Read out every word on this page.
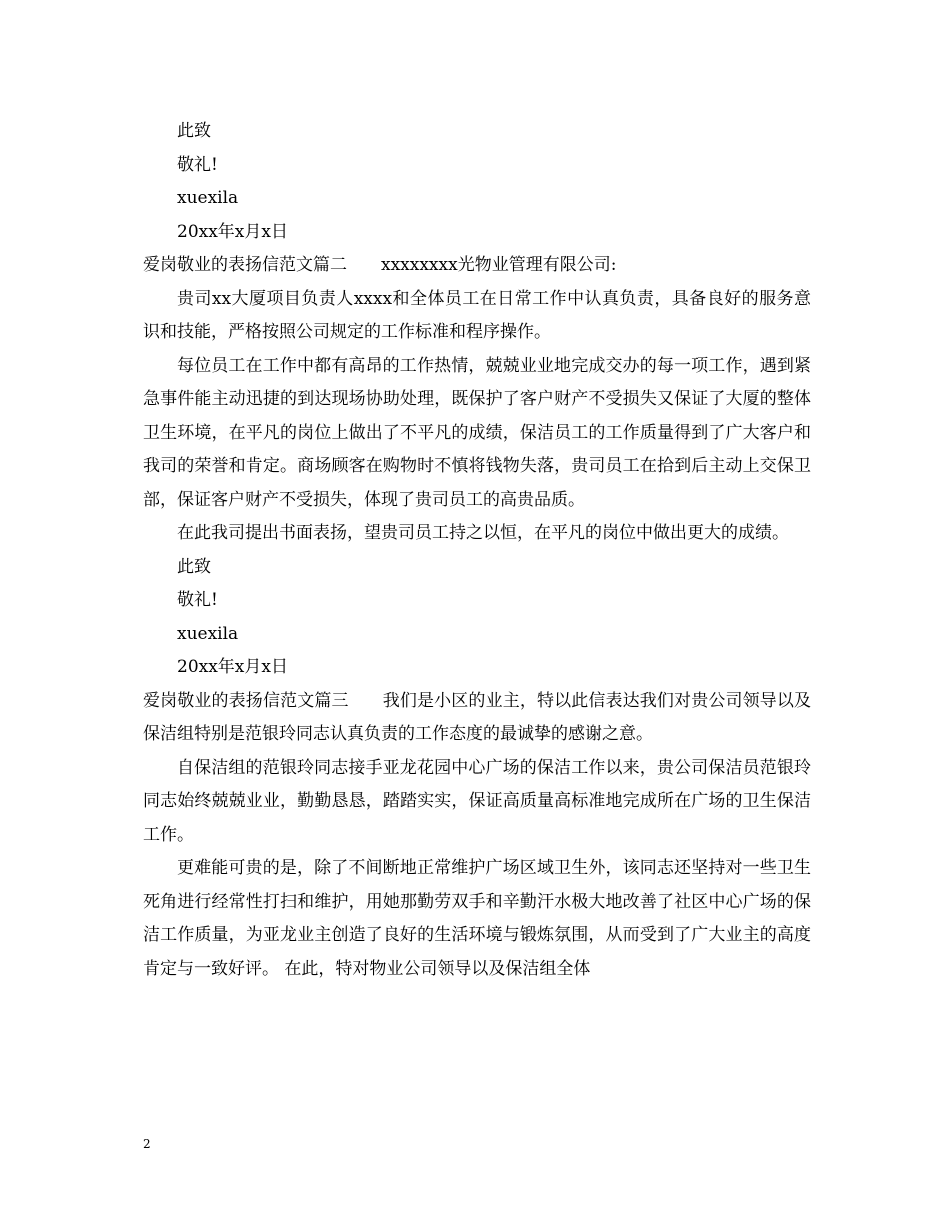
此致
敬礼!
xuexila
20xx年x月x日
爱岗敬业的表扬信范文篇二 xxxxxxxx光物业管理有限公司:

贵司xx大厦项目负责人xxxx和全体员工在日常工作中认真负责，具备良好的服务意识和技能，严格按照公司规定的工作标准和程序操作。

每位员工在工作中都有高昂的工作热情，兢兢业业地完成交办的每一项工作，遇到紧急事件能主动迅捷的到达现场协助处理，既保护了客户财产不受损失又保证了大厦的整体卫生环境，在平凡的岗位上做出了不平凡的成绩，保洁员工的工作质量得到了广大客户和我司的荣誉和肯定。商场顾客在购物时不慎将钱物失落，贵司员工在拾到后主动上交保卫部，保证客户财产不受损失，体现了贵司员工的高贵品质。

在此我司提出书面表扬，望贵司员工持之以恒，在平凡的岗位中做出更大的成绩。

此致
敬礼!
xuexila
20xx年x月x日

爱岗敬业的表扬信范文篇三 我们是小区的业主，特以此信表达我们对贵公司领导以及保洁组特别是范银玲同志认真负责的工作态度的最诚挚的感谢之意。

自保洁组的范银玲同志接手亚龙花园中心广场的保洁工作以来，贵公司保洁员范银玲同志始终兢兢业业，勤勤恳恳，踏踏实实，保证高质量高标准地完成所在广场的卫生保洁工作。

更难能可贵的是，除了不间断地正常维护广场区域卫生外，该同志还坚持对一些卫生死角进行经常性打扫和维护，用她那勤劳双手和辛勤汗水极大地改善了社区中心广场的保洁工作质量，为亚龙业主创造了良好的生活环境与锻炼氛围，从而受到了广大业主的高度肯定与一致好评。 在此，特对物业公司领导以及保洁组全体

2
